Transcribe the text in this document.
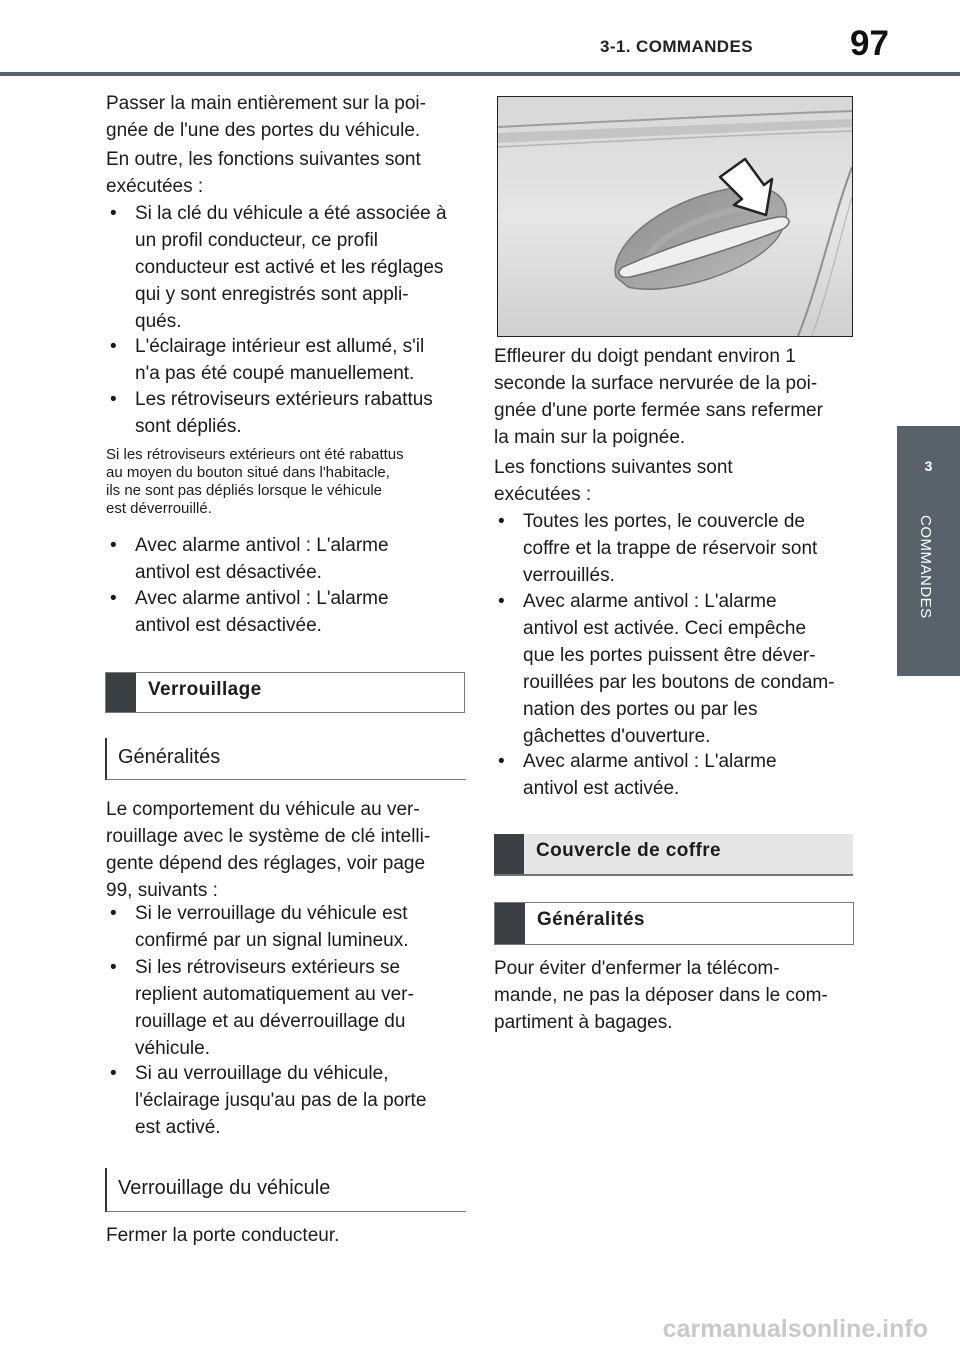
3-1. COMMANDES	97
3
COMMANDES
Passer la main entièrement sur la poi-
gnée de l'une des portes du véhicule.
En outre, les fonctions suivantes sont
exécutées :
• Si la clé du véhicule a été associée à
un profil conducteur, ce profil
conducteur est activé et les réglages
qui y sont enregistrés sont appli-
qués.
• L'éclairage intérieur est allumé, s'il
n'a pas été coupé manuellement.
• Les rétroviseurs extérieurs rabattus
sont dépliés.
Si les rétroviseurs extérieurs ont été rabattus
au moyen du bouton situé dans l'habitacle,
ils ne sont pas dépliés lorsque le véhicule
est déverrouillé.
• Avec alarme antivol : L'alarme
antivol est désactivée.
• Avec alarme antivol : L'alarme
antivol est désactivée.
Verrouillage
Généralités
Le comportement du véhicule au ver-
rouillage avec le système de clé intelli-
gente dépend des réglages, voir page
99, suivants :
• Si le verrouillage du véhicule est
confirmé par un signal lumineux.
• Si les rétroviseurs extérieurs se
replient automatiquement au ver-
rouillage et au déverrouillage du
véhicule.
• Si au verrouillage du véhicule,
l'éclairage jusqu'au pas de la porte
est activé.
Verrouillage du véhicule
Fermer la porte conducteur.
Effleurer du doigt pendant environ 1
seconde la surface nervurée de la poi-
gnée d'une porte fermée sans refermer
la main sur la poignée.
Les fonctions suivantes sont
exécutées :
• Toutes les portes, le couvercle de
coffre et la trappe de réservoir sont
verrouillés.
• Avec alarme antivol : L'alarme
antivol est activée. Ceci empêche
que les portes puissent être déver-
rouillées par les boutons de condam-
nation des portes ou par les
gâchettes d'ouverture.
• Avec alarme antivol : L'alarme
antivol est activée.
Couvercle de coffre
Généralités
Pour éviter d'enfermer la télécom-
mande, ne pas la déposer dans le com-
partiment à bagages.
carmanualsonline.info
